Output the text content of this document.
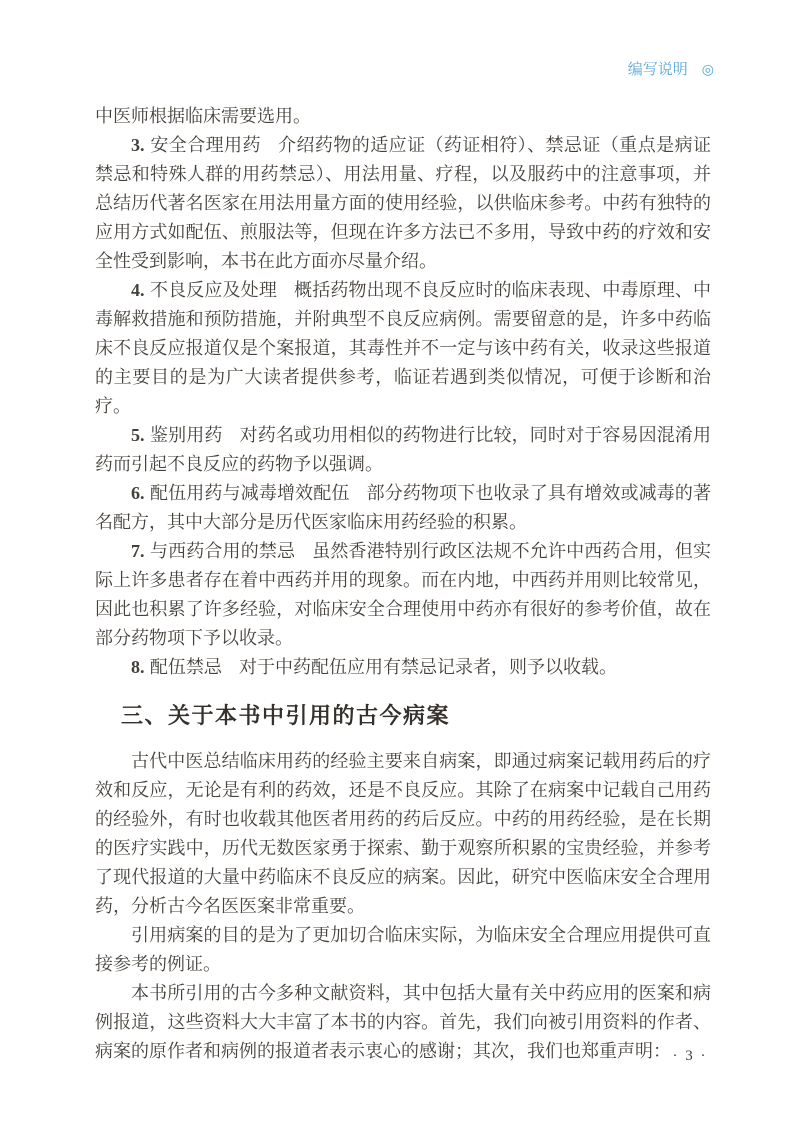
编写说明 ◎

中医师根据临床需要选用。

3. 安全合理用药 介绍药物的适应证（药证相符）、禁忌证（重点是病证禁忌和特殊人群的用药禁忌）、用法用量、疗程，以及服药中的注意事项，并总结历代著名医家在用法用量方面的使用经验，以供临床参考。中药有独特的应用方式如配伍、煎服法等，但现在许多方法已不多用，导致中药的疗效和安全性受到影响，本书在此方面亦尽量介绍。

4. 不良反应及处理 概括药物出现不良反应时的临床表现、中毒原理、中毒解救措施和预防措施，并附典型不良反应病例。需要留意的是，许多中药临床不良反应报道仅是个案报道，其毒性并不一定与该中药有关，收录这些报道的主要目的是为广大读者提供参考，临证若遇到类似情况，可便于诊断和治疗。

5. 鉴别用药 对药名或功用相似的药物进行比较，同时对于容易因混淆用药而引起不良反应的药物予以强调。

6. 配伍用药与减毒增效配伍 部分药物项下也收录了具有增效或减毒的著名配方，其中大部分是历代医家临床用药经验的积累。

7. 与西药合用的禁忌 虽然香港特别行政区法规不允许中西药合用，但实际上许多患者存在着中西药并用的现象。而在内地，中西药并用则比较常见，因此也积累了许多经验，对临床安全合理使用中药亦有很好的参考价值，故在部分药物项下予以收录。

8. 配伍禁忌 对于中药配伍应用有禁忌记录者，则予以收载。

三、关于本书中引用的古今病案

古代中医总结临床用药的经验主要来自病案，即通过病案记载用药后的疗效和反应，无论是有利的药效，还是不良反应。其除了在病案中记载自己用药的经验外，有时也收载其他医者用药的药后反应。中药的用药经验，是在长期的医疗实践中，历代无数医家勇于探索、勤于观察所积累的宝贵经验，并参考了现代报道的大量中药临床不良反应的病案。因此，研究中医临床安全合理用药，分析古今名医医案非常重要。

引用病案的目的是为了更加切合临床实际，为临床安全合理应用提供可直接参考的例证。

本书所引用的古今多种文献资料，其中包括大量有关中药应用的医案和病例报道，这些资料大大丰富了本书的内容。首先，我们向被引用资料的作者、病案的原作者和病例的报道者表示衷心的感谢；其次，我们也郑重声明： · 3 ·
